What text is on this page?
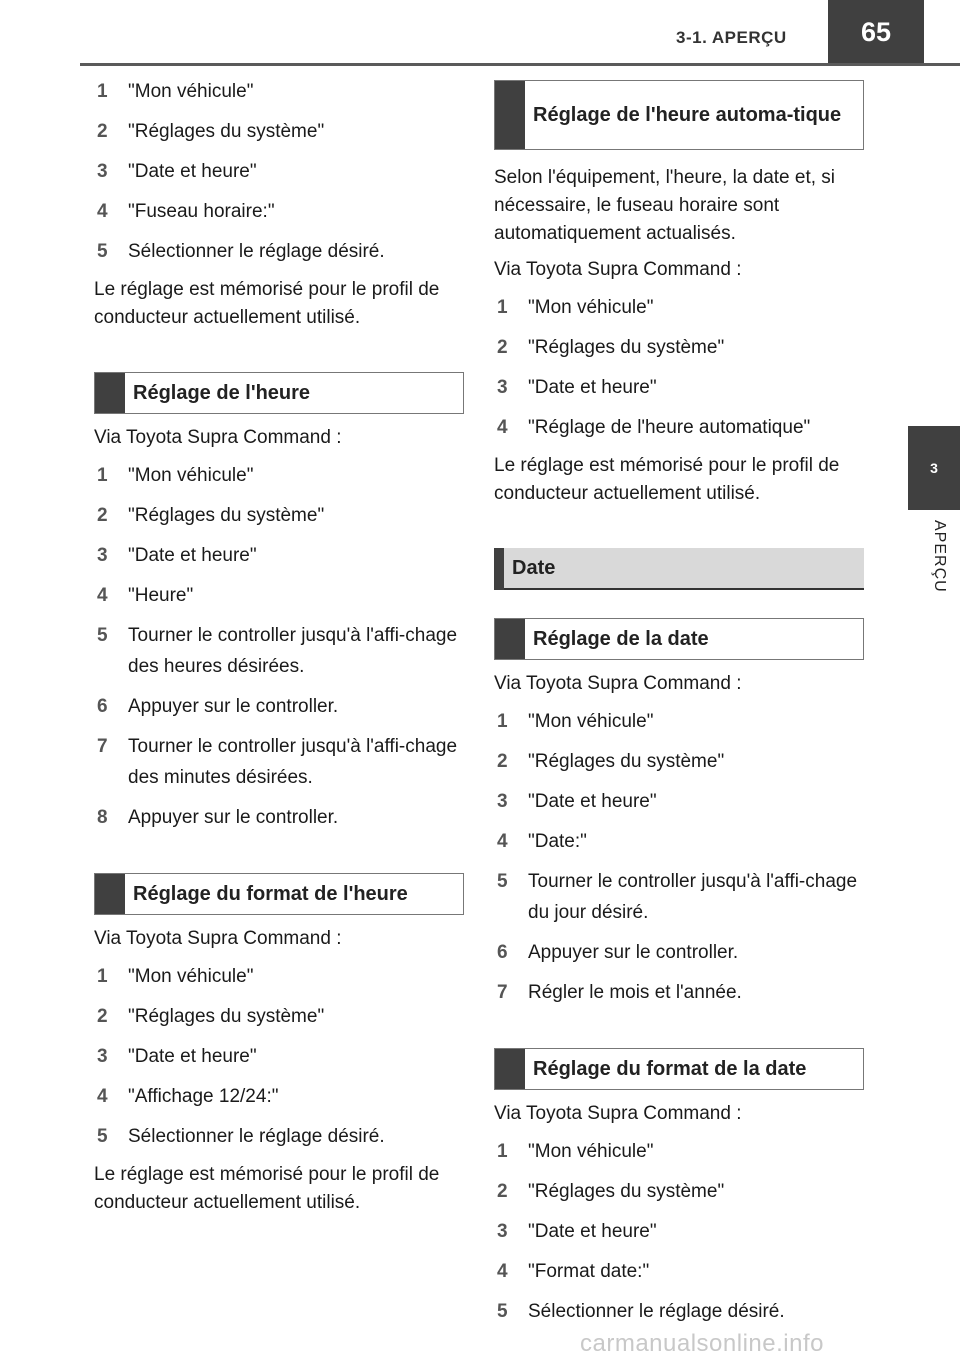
3-1. APERÇU	65
3
APERÇU
1	"Mon véhicule"
2	"Réglages du système"
3	"Date et heure"
4	"Fuseau horaire:"
5	Sélectionner le réglage désiré.

Le réglage est mémorisé pour le profil de conducteur actuellement utilisé.

Réglage de l'heure

Via Toyota Supra Command :

1	"Mon véhicule"
2	"Réglages du système"
3	"Date et heure"
4	"Heure"
5	Tourner le controller jusqu'à l'affi-chage des heures désirées.
6	Appuyer sur le controller.
7	Tourner le controller jusqu'à l'affi-chage des minutes désirées.
8	Appuyer sur le controller.
Réglage du format de l'heure

Via Toyota Supra Command :

1	"Mon véhicule"
2	"Réglages du système"
3	"Date et heure"
4	"Affichage 12/24:"
5	Sélectionner le réglage désiré.

Le réglage est mémorisé pour le profil de conducteur actuellement utilisé.

Réglage de l'heure automa-tique

Selon l'équipement, l'heure, la date et, si nécessaire, le fuseau horaire sont automatiquement actualisés.

Via Toyota Supra Command :

1	"Mon véhicule"
2	"Réglages du système"
3	"Date et heure"
4	"Réglage de l'heure automatique"

Le réglage est mémorisé pour le profil de conducteur actuellement utilisé.

Date
Réglage de la date

Via Toyota Supra Command :

1	"Mon véhicule"
2	"Réglages du système"
3	"Date et heure"
4	"Date:"
5	Tourner le controller jusqu'à l'affi-chage du jour désiré.
6	Appuyer sur le controller.
7	Régler le mois et l'année.
Réglage du format de la date

Via Toyota Supra Command :

1	"Mon véhicule"
2	"Réglages du système"
3	"Date et heure"
4	"Format date:"
5	Sélectionner le réglage désiré.
carmanualsonline.info
